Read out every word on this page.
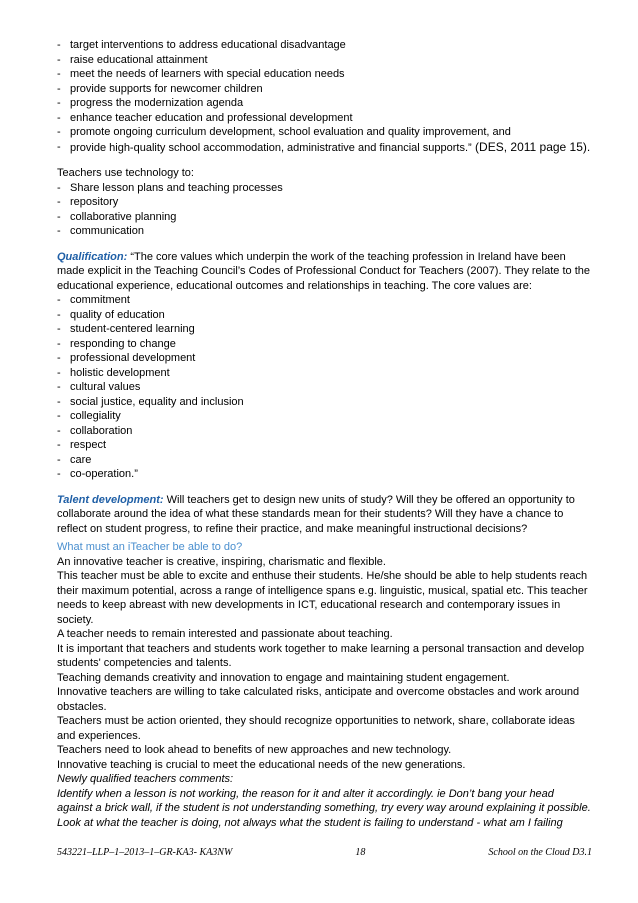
- target interventions to address educational disadvantage
- raise educational attainment
- meet the needs of learners with special education needs
- provide supports for newcomer children
- progress the modernization agenda
- enhance teacher education and professional development
- promote ongoing curriculum development, school evaluation and quality improvement, and
- provide high-quality school accommodation, administrative and financial supports.” (DES, 2011 page 15).
Teachers use technology to:
- Share lesson plans and teaching processes
- repository
- collaborative planning
- communication
Qualification: “The core values which underpin the work of the teaching profession in Ireland have been made explicit in the Teaching Council’s Codes of Professional Conduct for Teachers (2007). They relate to the educational experience, educational outcomes and relationships in teaching. The core values are:
- commitment
- quality of education
- student-centered learning
- responding to change
- professional development
- holistic development
- cultural values
- social justice, equality and inclusion
- collegiality
- collaboration
- respect
- care
- co-operation.”
Talent development: Will teachers get to design new units of study? Will they be offered an opportunity to collaborate around the idea of what these standards mean for their students? Will they have a chance to reflect on student progress, to refine their practice, and make meaningful instructional decisions?
What must an iTeacher be able to do?
An innovative teacher is creative, inspiring, charismatic and flexible.
This teacher must be able to excite and enthuse their students. He/she should be able to help students reach their maximum potential, across a range of intelligence spans e.g. linguistic, musical, spatial etc. This teacher needs to keep abreast with new developments in ICT, educational research and contemporary issues in society.
A teacher needs to remain interested and passionate about teaching.
It is important that teachers and students work together to make learning a personal transaction and develop students' competencies and talents.
Teaching demands creativity and innovation to engage and maintaining student engagement.
Innovative teachers are willing to take calculated risks, anticipate and overcome obstacles and work around obstacles.
Teachers must be action oriented, they should recognize opportunities to network, share, collaborate ideas and experiences.
Teachers need to look ahead to benefits of new approaches and new technology.
Innovative teaching is crucial to meet the educational needs of the new generations.
Newly qualified teachers comments:
Identify when a lesson is not working, the reason for it and alter it accordingly. ie Don’t bang your head against a brick wall, if the student is not understanding something, try every way around explaining it possible.
Look at what the teacher is doing, not always what the student is failing to understand - what am I failing
543221–LLP–1–2013–1–GR-KA3- KA3NW	18	School on the Cloud D3.1
